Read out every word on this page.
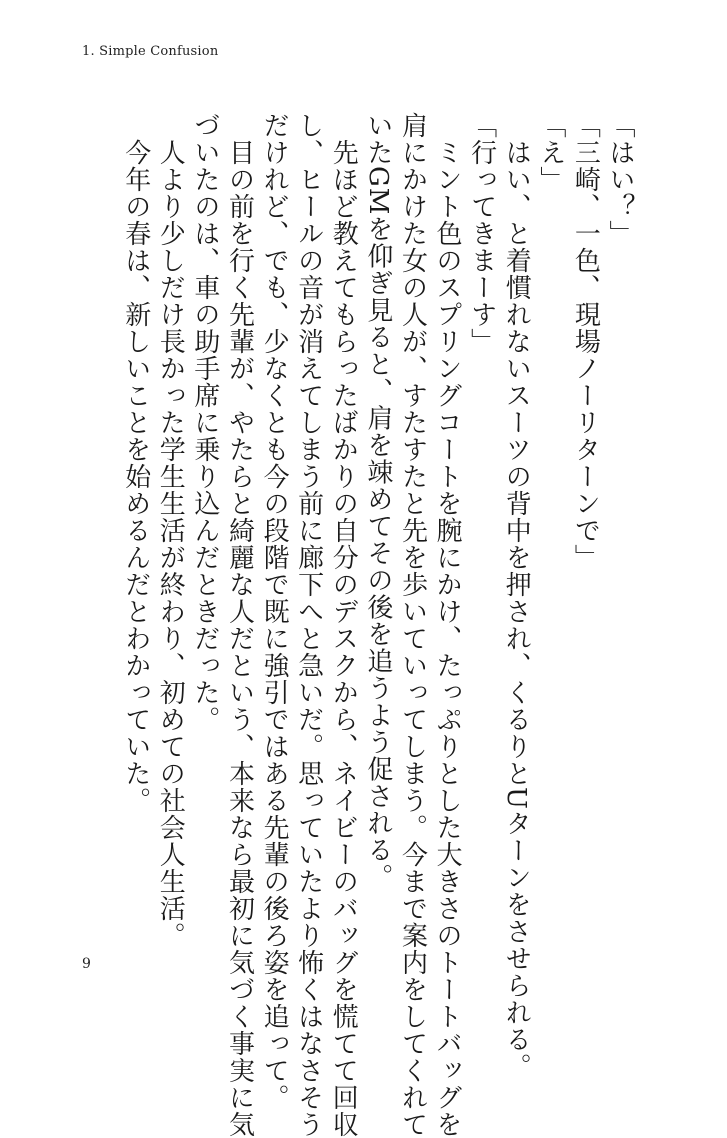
1. Simple Confusion

「はい？」

「三崎、一色、現場ノーリターンで」

「え」

　はい、と着慣れないスーツの背中を押され、くるりとUターンをさせられる。

「行ってきまーす」

　ミント色のスプリングコートを腕にかけ、たっぷりとした大きさのトートバッグを

肩にかけた女の人が、すたすたと先を歩いていってしまう。今まで案内をしてくれて

いたGMを仰ぎ見ると、肩を竦めてその後を追うよう促される。

　先ほど教えてもらったばかりの自分のデスクから、ネイビーのバッグを慌てて回収

し、ヒールの音が消えてしまう前に廊下へと急いだ。思っていたより怖くはなさそう

だけれど、でも、少なくとも今の段階で既に強引ではある先輩の後ろ姿を追って。

　目の前を行く先輩が、やたらと綺麗な人だという、本来なら最初に気づく事実に気

づいたのは、車の助手席に乗り込んだときだった。

　人より少しだけ長かった学生生活が終わり、初めての社会人生活。

　今年の春は、新しいことを始めるんだとわかっていた。

9
